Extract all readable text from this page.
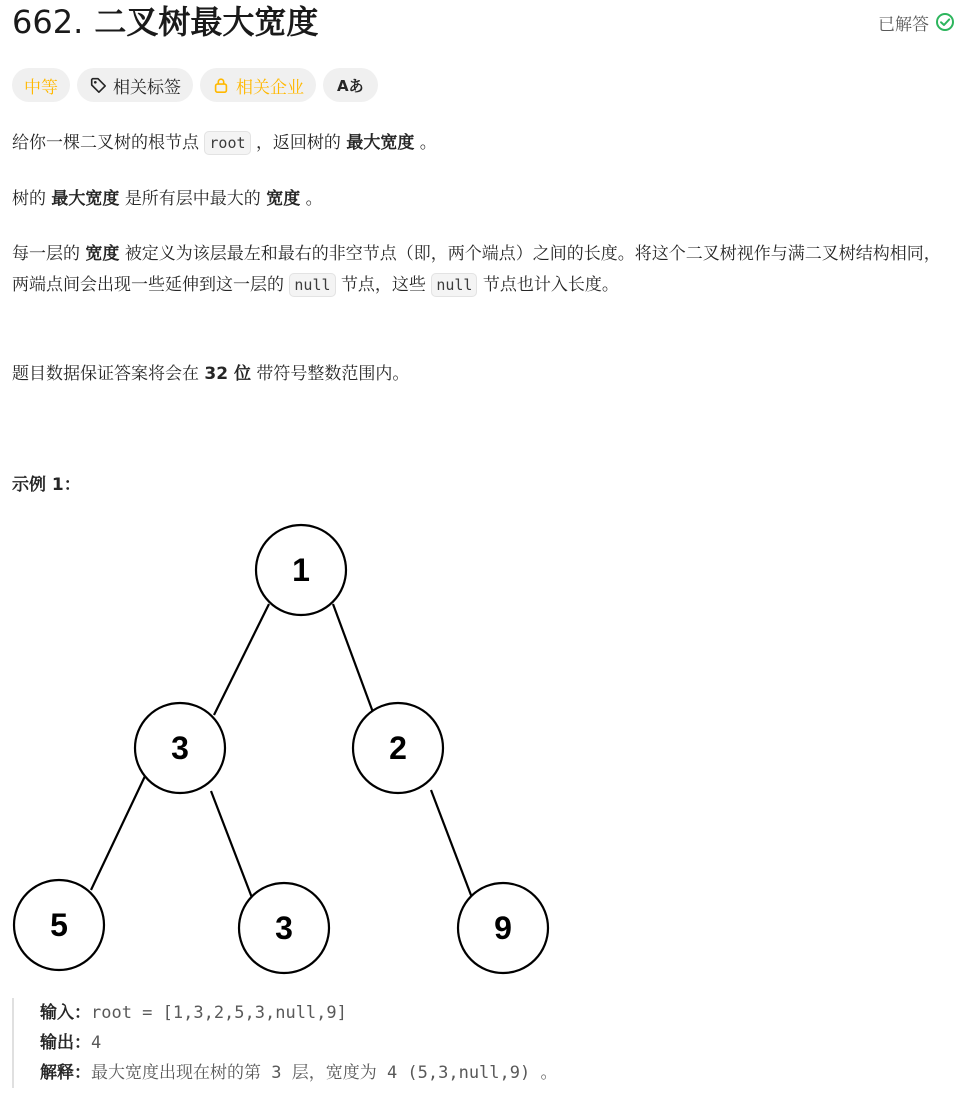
662. 二叉树最大宽度	已解答
中等	相关标签	相关企业 Aあ

给你一棵二叉树的根节点 root ，返回树的 最大宽度 。

树的 最大宽度 是所有层中最大的 宽度 。

每一层的 宽度 被定义为该层最左和最右的非空节点（即，两个端点）之间的长度。将这个二叉树视作与满二叉树结构相同，两端点间会出现一些延伸到这一层的 null 节点，这些 null 节点也计入长度。

题目数据保证答案将会在 32 位 带符号整数范围内。

示例 1：

1
3	2
5	3	9
输入： root = [1,3,2,5,3,null,9]
输出： 4
解释： 最大宽度出现在树的第 3 层，宽度为 4 (5,3,null,9) 。
